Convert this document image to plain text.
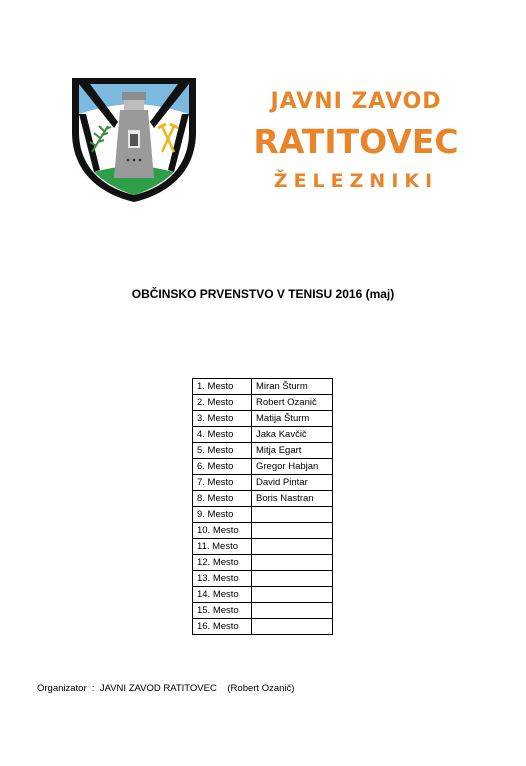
JAVNI ZAVOD
RATITOVEC
ŽELEZNIKI
OBČINSKO PRVENSTVO V TENISU 2016 (maj)
1. Mesto	Miran Šturm
2. Mesto	Robert Ozanič
3. Mesto	Matija Šturm
4. Mesto	Jaka Kavčič
5. Mesto	Mitja Egart
6. Mesto	Gregor Habjan
7. Mesto	David Pintar
8. Mesto	Boris Nastran
9. Mesto	
10. Mesto	
11. Mesto	
12. Mesto	
13. Mesto	
14. Mesto	
15. Mesto	
16. Mesto	
Organizator  :  JAVNI ZAVOD RATITOVEC    (Robert Ozanič)
